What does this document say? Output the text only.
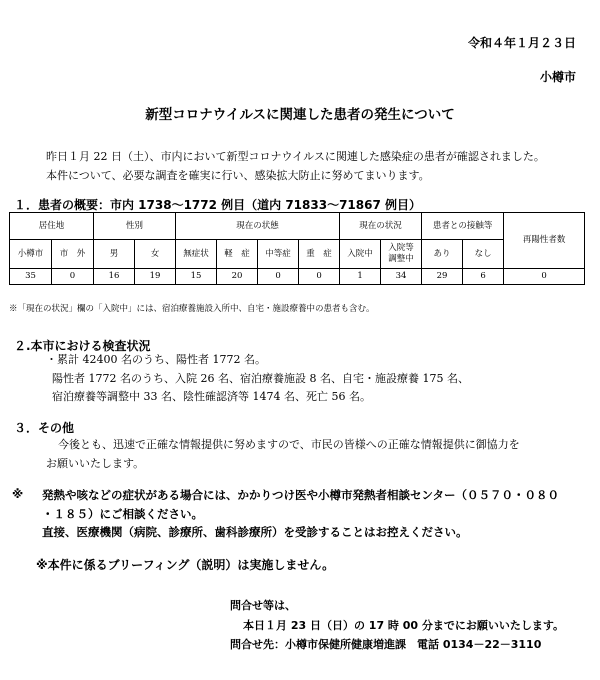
令和４年１月２３日
小樽市
新型コロナウイルスに関連した患者の発生について
昨日１月 22 日（土）、市内において新型コロナウイルスに関連した感染症の患者が確認されました。
本件について、必要な調査を確実に行い、感染拡大防止に努めてまいります。
１．患者の概要：市内 1738～1772 例目（道内 71833～71867 例目）
居住地		性別		現在の状態				現在の状況		患者との接触等		再陽性者数
小樽市	市　外	男	女	無症状	軽　症	中等症	重　症	入院中	入院等
調整中	あり	なし	
35	0	16	19	15	20	0	0	1	34	29	6	0
※「現在の状況」欄の「入院中」には、宿泊療養施設入所中、自宅・施設療養中の患者も含む。
２.本市における検査状況
・累計 42400 名のうち、陽性者 1772 名。
陽性者 1772 名のうち、入院 26 名、宿泊療養施設 8 名、自宅・施設療養 175 名、
宿泊療養等調整中 33 名、陰性確認済等 1474 名、死亡 56 名。
３．その他
今後とも、迅速で正確な情報提供に努めますので、市民の皆様への正確な情報提供に御協力を
お願いいたします。
※ 発熱や咳などの症状がある場合には、かかりつけ医や小樽市発熱者相談センター（０５７０・０８０
・１８５）にご相談ください。
直接、医療機関（病院、診療所、歯科診療所）を受診することはお控えください。
※本件に係るブリーフィング（説明）は実施しません。
問合せ等は、
本日１月 23 日（日）の 17 時 00 分までにお願いいたします。
問合せ先：小樽市保健所健康増進課　電話 0134－22－3110
